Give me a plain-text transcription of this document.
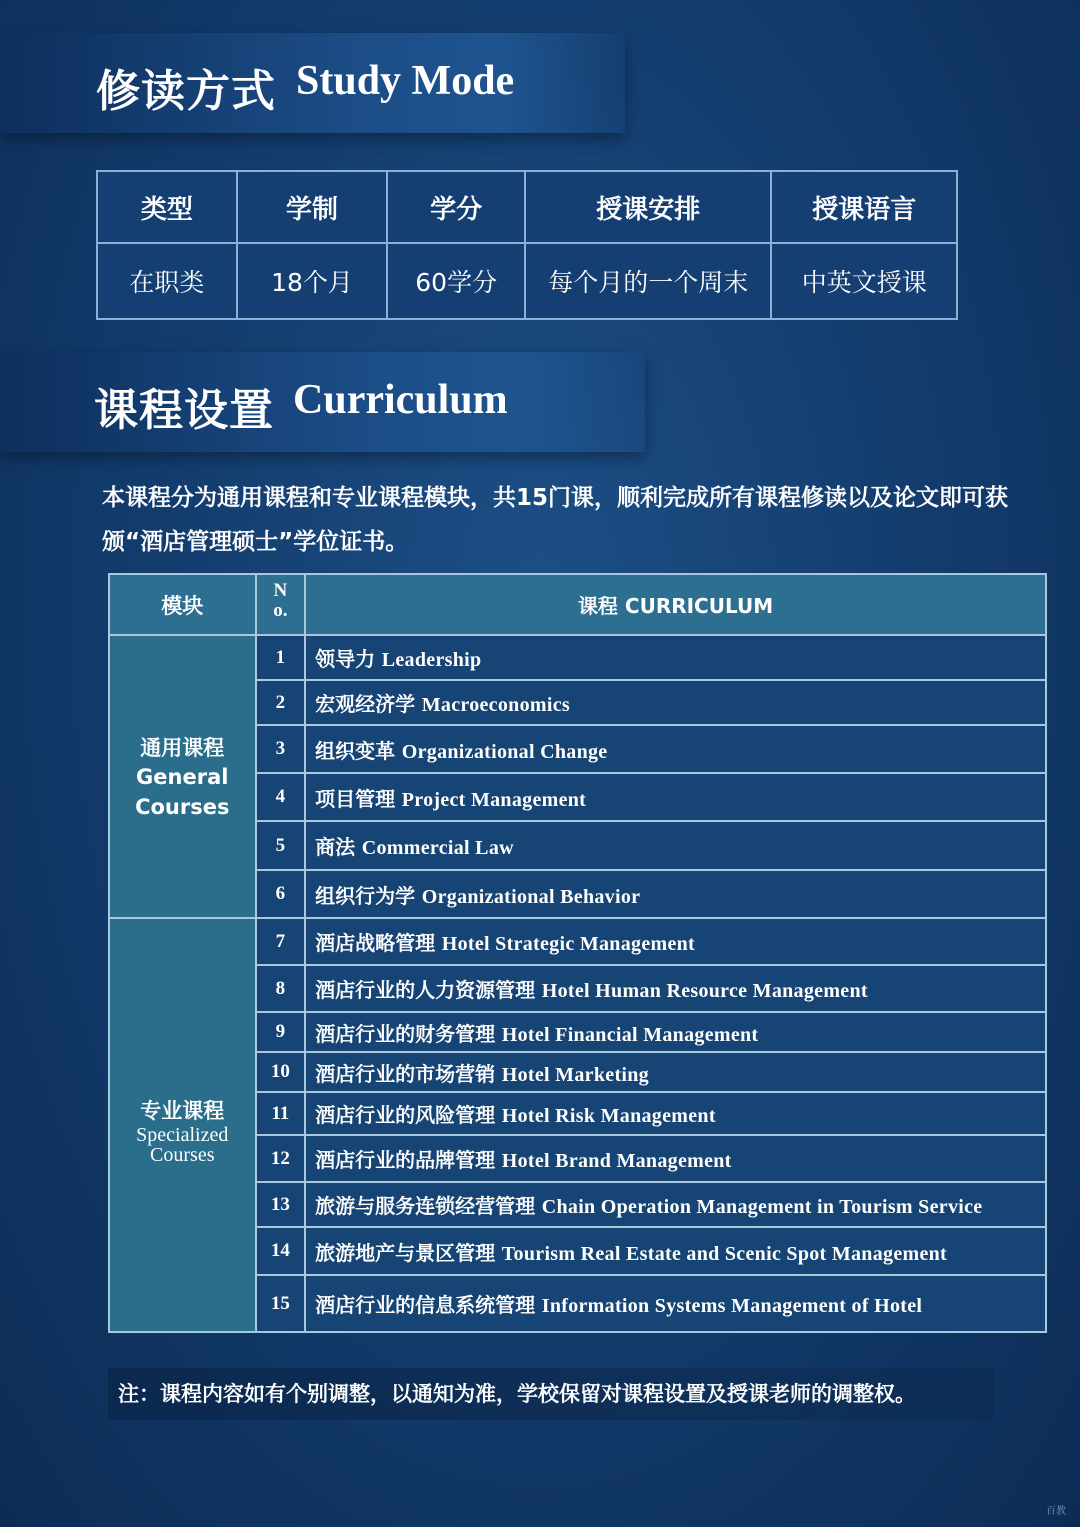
修读方式 Study Mode
类型	学制	学分	授课安排	授课语言
在职类	18个月	60学分	每个月的一个周末	中英文授课
课程设置 Curriculum
本课程分为通用课程和专业课程模块，共15门课，顺利完成所有课程修读以及论文即可获颁“酒店管理硕士”学位证书。
模块	No.	课程 CURRICULUM

通用课程
General Courses	1	领导力 Leadership
	2	宏观经济学 Macroeconomics
	3	组织变革 Organizational Change
	4	项目管理 Project Management
	5	商法 Commercial Law
	6	组织行为学 Organizational Behavior

专业课程
Specialized Courses	7	酒店战略管理 Hotel Strategic Management
	8	酒店行业的人力资源管理 Hotel Human Resource Management
	9	酒店行业的财务管理 Hotel Financial Management
	10	酒店行业的市场营销 Hotel Marketing
	11	酒店行业的风险管理 Hotel Risk Management
	12	酒店行业的品牌管理 Hotel Brand Management
	13	旅游与服务连锁经营管理 Chain Operation Management in Tourism Service
	14	旅游地产与景区管理 Tourism Real Estate and Scenic Spot Management
	15	酒店行业的信息系统管理 Information Systems Management of Hotel
注：课程内容如有个别调整，以通知为准，学校保留对课程设置及授课老师的调整权。
百教
